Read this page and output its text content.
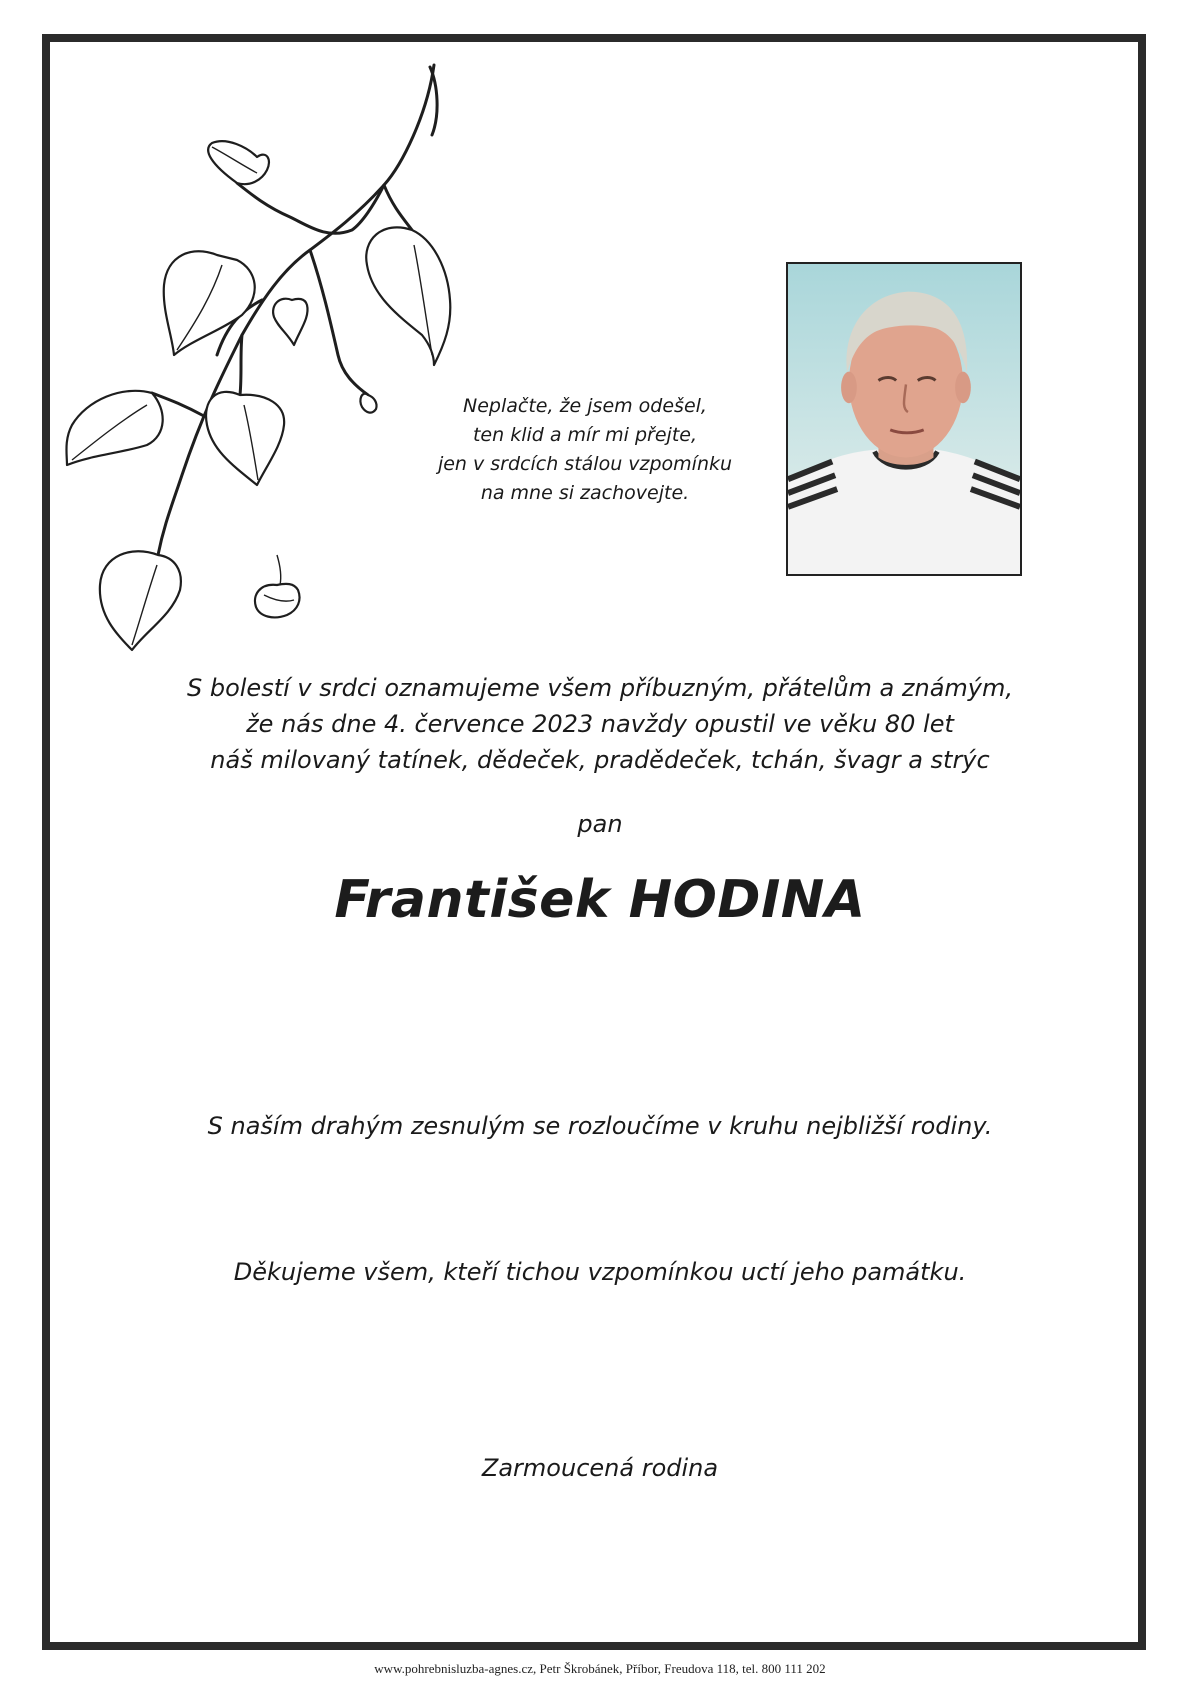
Neplačte, že jsem odešel,
ten klid a mír mi přejte,
jen v srdcích stálou vzpomínku
na mne si zachovejte.
S bolestí v srdci oznamujeme všem příbuzným, přátelům a známým,
že nás dne 4. července 2023 navždy opustil ve věku 80 let
náš milovaný tatínek, dědeček, pradědeček, tchán, švagr a strýc
pan
František HODINA
S naším drahým zesnulým se rozloučíme v kruhu nejbližší rodiny.
Děkujeme všem, kteří tichou vzpomínkou uctí jeho památku.
Zarmoucená rodina
www.pohrebnisluzba-agnes.cz, Petr Škrobánek, Příbor, Freudova 118, tel. 800 111 202
